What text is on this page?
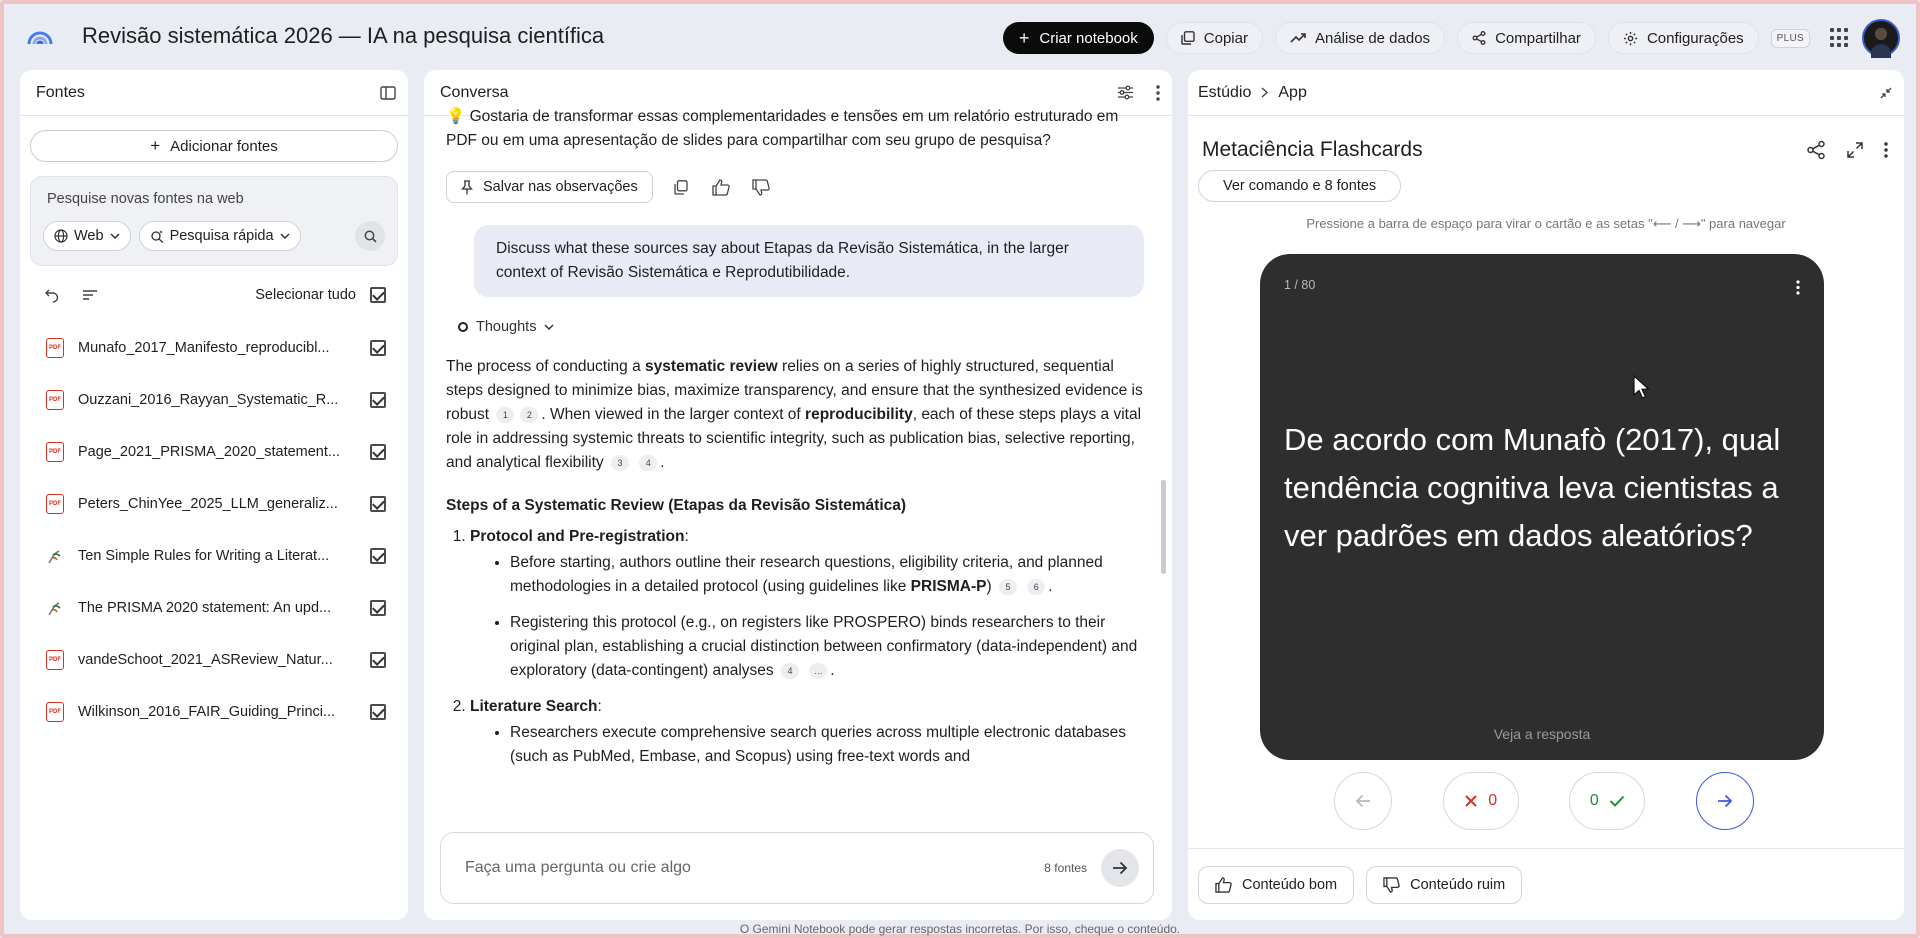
Revisão sistemática 2026 — IA na pesquisa científica	+ Criar notebook	Copiar	Análise de dados	Compartilhar	Configurações	PLUS
Fontes
+ Adicionar fontes
Pesquise novas fontes na web
Web	Pesquisa rápida
Selecionar tudo
PDF Munafo_2017_Manifesto_reproducibl...
PDF Ouzzani_2016_Rayyan_Systematic_R...
PDF Page_2021_PRISMA_2020_statement...
PDF Peters_ChinYee_2025_LLM_generaliz...
Ten Simple Rules for Writing a Literat...
The PRISMA 2020 statement: An upd...
PDF vandeSchoot_2021_ASReview_Natur...
PDF Wilkinson_2016_FAIR_Guiding_Princi...
Conversa

💡 Gostaria de transformar essas complementaridades e tensões em um relatório estruturado em PDF ou em uma apresentação de slides para compartilhar com seu grupo de pesquisa?

Salvar nas observações
Discuss what these sources say about Etapas da Revisão Sistemática, in the larger context of Revisão Sistemática e Reprodutibilidade.
Thoughts

The process of conducting a systematic review relies on a series of highly structured, sequential steps designed to minimize bias, maximize transparency, and ensure that the synthesized evidence is robust 1 2 . When viewed in the larger context of reproducibility, each of these steps plays a vital role in addressing systemic threats to scientific integrity, such as publication bias, selective reporting, and analytical flexibility 3	4 .

Steps of a Systematic Review (Etapas da Revisão Sistemática)
1. Protocol and Pre-registration:
• Before starting, authors outline their research questions, eligibility criteria, and planned methodologies in a detailed protocol (using guidelines like PRISMA-P) 5	6 .
• Registering this protocol (e.g., on registers like PROSPERO) binds researchers to their original plan, establishing a crucial distinction between confirmatory (data-independent) and exploratory (data-contingent) analyses 4 … .
2. Literature Search:
• Researchers execute comprehensive search queries across multiple electronic databases (such as PubMed, Embase, and Scopus) using free-text words and
Faça uma pergunta ou crie algo	8 fontes
Estúdio App
Metaciência Flashcards
Ver comando e 8 fontes
Pressione a barra de espaço para virar o cartão e as setas "⟵ / ⟶" para navegar
1 / 80
De acordo com Munafò (2017), qual tendência cognitiva leva cientistas a ver padrões em dados aleatórios?
Veja a resposta
0	0
Conteúdo bom	Conteúdo ruim
O Gemini Notebook pode gerar respostas incorretas. Por isso, cheque o conteúdo.
